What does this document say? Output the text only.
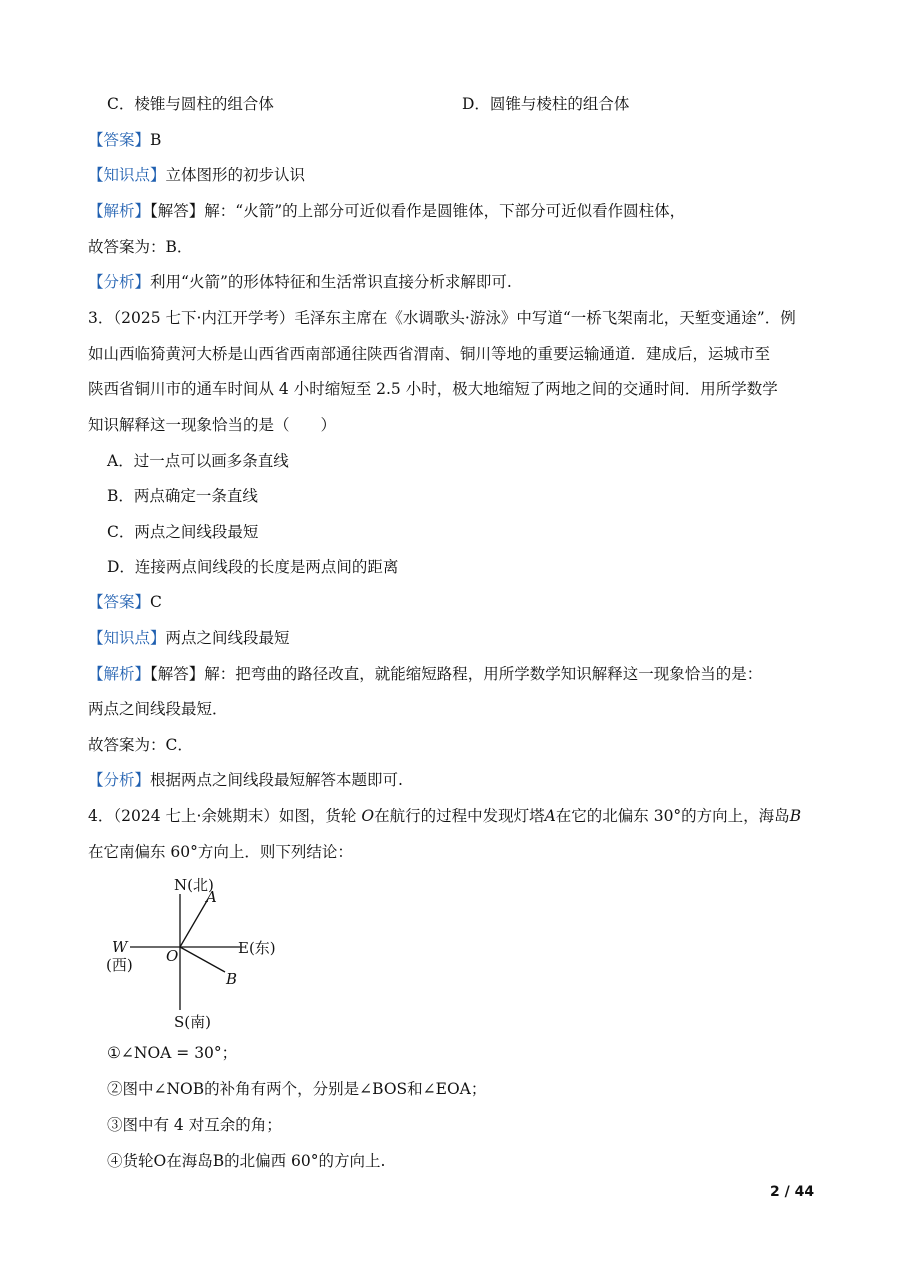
C．棱锥与圆柱的组合体	D．圆锥与棱柱的组合体
【答案】B
【知识点】立体图形的初步认识
【解析】【解答】解：“火箭”的上部分可近似看作是圆锥体，下部分可近似看作圆柱体，
故答案为：B．
【分析】利用“火箭”的形体特征和生活常识直接分析求解即可.
3．（2025 七下·内江开学考）毛泽东主席在《水调歌头·游泳》中写道“一桥飞架南北，天堑变通途”．例
如山西临猗黄河大桥是山西省西南部通往陕西省渭南、铜川等地的重要运输通道．建成后，运城市至
陕西省铜川市的通车时间从 4 小时缩短至 2.5 小时，极大地缩短了两地之间的交通时间．用所学数学
知识解释这一现象恰当的是（　　）
A．过一点可以画多条直线
B．两点确定一条直线
C．两点之间线段最短
D．连接两点间线段的长度是两点间的距离
【答案】C
【知识点】两点之间线段最短
【解析】【解答】解：把弯曲的路径改直，就能缩短路程，用所学数学知识解释这一现象恰当的是：
两点之间线段最短．
故答案为：C．
【分析】根据两点之间线段最短解答本题即可.
4．（2024 七上·余姚期末）如图，货轮 O在航行的过程中发现灯塔A在它的北偏东 30°的方向上，海岛B
在它南偏东 60°方向上．则下列结论：
N(北)
A
W
(西) O	E(东)
B
S(南)
①∠NOA = 30°；
②图中∠NOB的补角有两个，分别是∠BOS和∠EOA；
③图中有 4 对互余的角；
④货轮O在海岛B的北偏西 60°的方向上.
2 / 44
